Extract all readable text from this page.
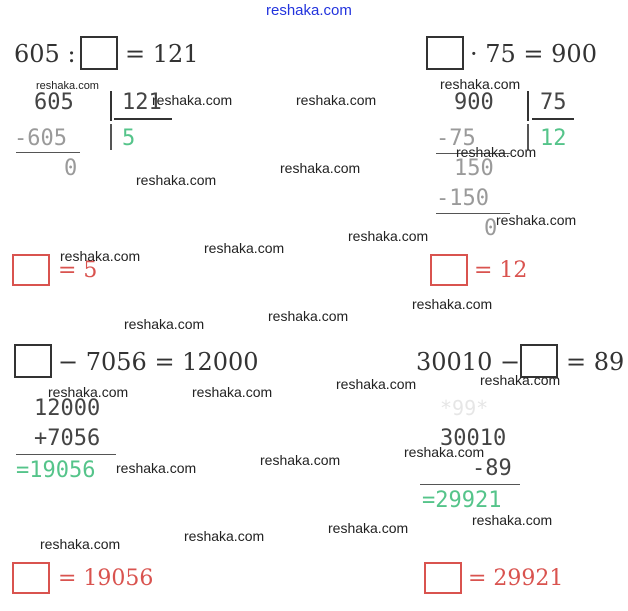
reshaka.com
605 : = 121
605 121
-605	5
0
= 5
· 75 = 900
900 75
-75	12
150
-150
0
= 12
− 7056 = 12000
12000
+7056
=19056
= 19056
30010 − = 89
*99*
30010
-89
=29921
= 29921
reshaka.com
reshaka.com	reshaka.com
reshaka.com
reshaka.com
reshaka.com
reshaka.com
reshaka.com
reshaka.com
reshaka.com
reshaka.com
reshaka.com
reshaka.com
reshaka.com
reshaka.com
reshaka.com
reshaka.com
reshaka.com
reshaka.com
reshaka.com
reshaka.com
reshaka.com
reshaka.com
reshaka.com
reshaka.com
